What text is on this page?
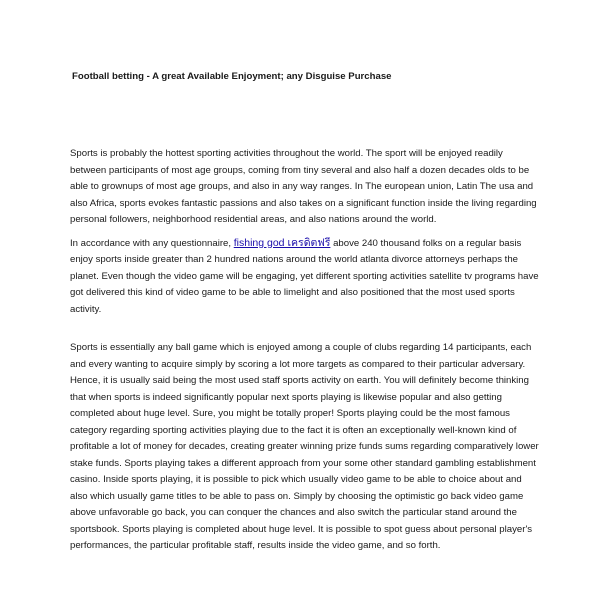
Football betting - A great Available Enjoyment; any Disguise Purchase

Sports is probably the hottest sporting activities throughout the world. The sport will be enjoyed readily between participants of most age groups, coming from tiny several and also half a dozen decades olds to be able to grownups of most age groups, and also in any way ranges. In The european union, Latin The usa and also Africa, sports evokes fantastic passions and also takes on a significant function inside the living regarding personal followers, neighborhood residential areas, and also nations around the world.
In accordance with any questionnaire, fishing god เครดิตฟรี above 240 thousand folks on a regular basis enjoy sports inside greater than 2 hundred nations around the world atlanta divorce attorneys perhaps the planet. Even though the video game will be engaging, yet different sporting activities satellite tv programs have got delivered this kind of video game to be able to limelight and also positioned that the most used sports activity.

Sports is essentially any ball game which is enjoyed among a couple of clubs regarding 14 participants, each and every wanting to acquire simply by scoring a lot more targets as compared to their particular adversary. Hence, it is usually said being the most used staff sports activity on earth. You will definitely become thinking that when sports is indeed significantly popular next sports playing is likewise popular and also getting completed about huge level. Sure, you might be totally proper! Sports playing could be the most famous category regarding sporting activities playing due to the fact it is often an exceptionally well-known kind of profitable a lot of money for decades, creating greater winning prize funds sums regarding comparatively lower stake funds. Sports playing takes a different approach from your some other standard gambling establishment casino. Inside sports playing, it is possible to pick which usually video game to be able to choice about and also which usually game titles to be able to pass on. Simply by choosing the optimistic go back video game above unfavorable go back, you can conquer the chances and also switch the particular stand around the sportsbook. Sports playing is completed about huge level. It is possible to spot guess about personal player's performances, the particular profitable staff, results inside the video game, and so forth.
